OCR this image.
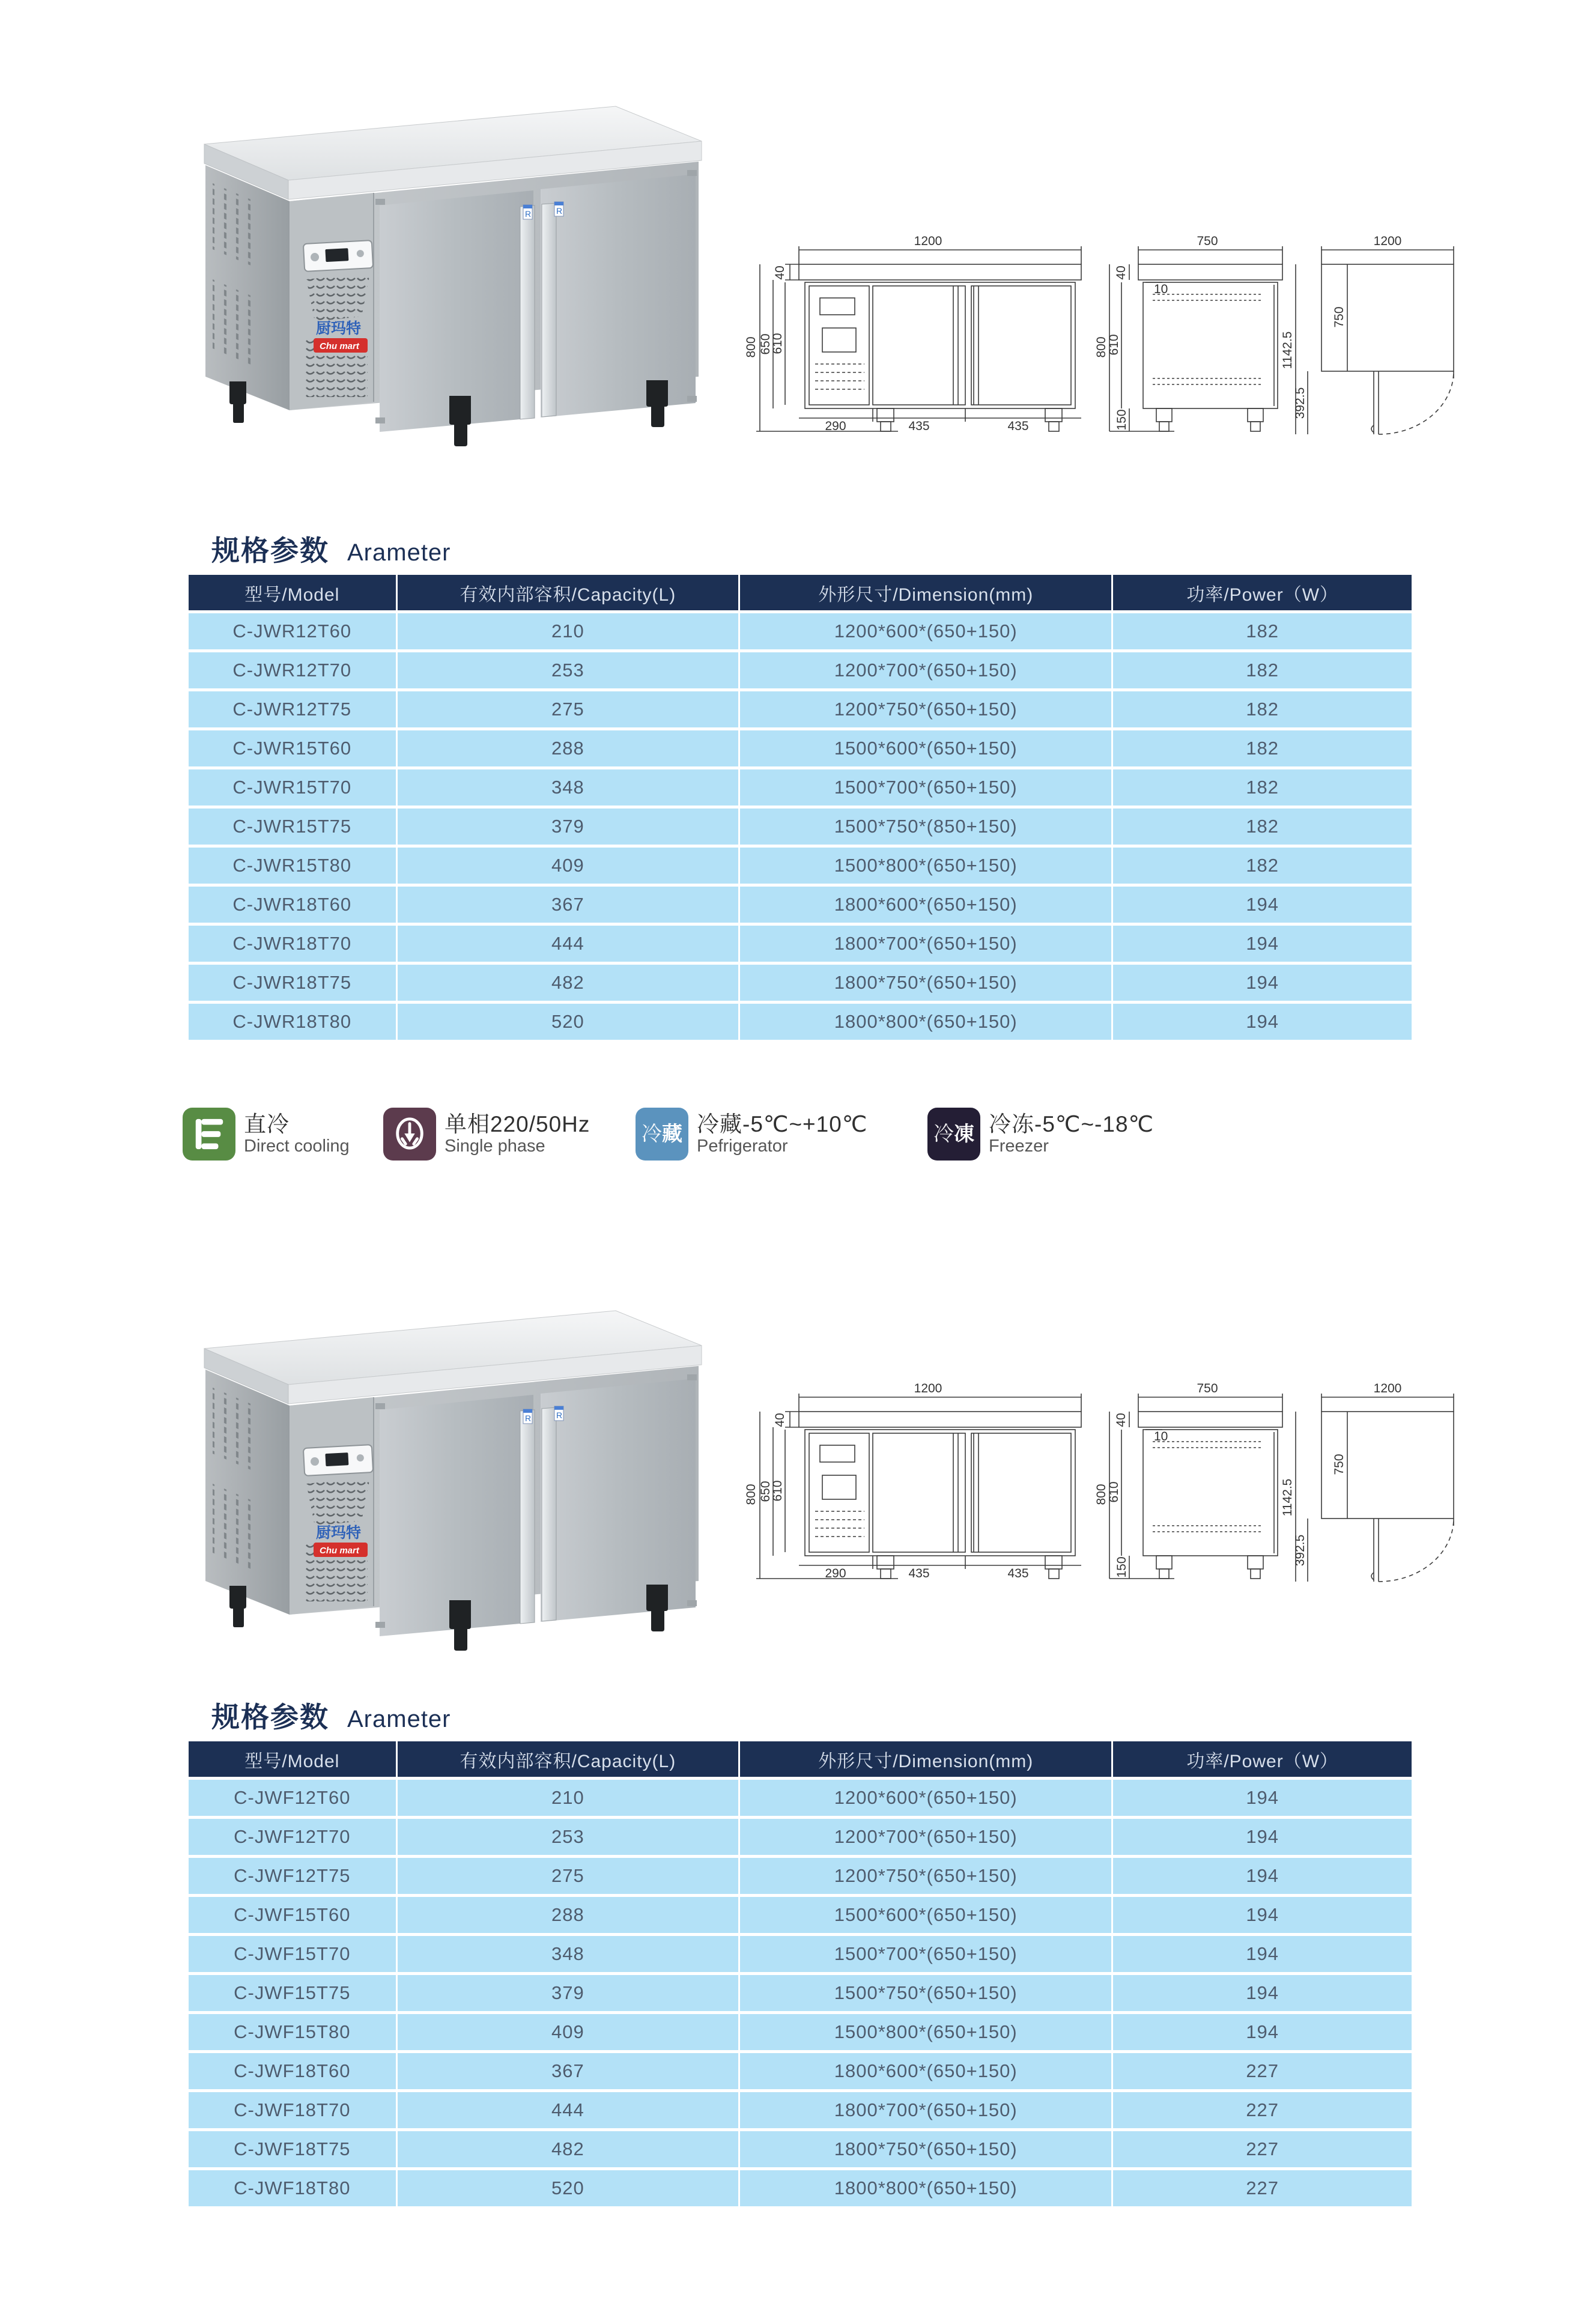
厨玛特
Chu mart
R	R
1200
40
800 650
610
290	435	435
750
40
10
800
610
150
1200
750
1142.5
392.5
规格参数 Arameter
型号/Model	有效内部容积/Capacity(L)	外形尺寸/Dimension(mm)	功率/Power（W）
C-JWR12T60	210	1200*600*(650+150)	182
C-JWR12T70	253	1200*700*(650+150)	182
C-JWR12T75	275	1200*750*(650+150)	182
C-JWR15T60	288	1500*600*(650+150)	182
C-JWR15T70	348	1500*700*(650+150)	182
C-JWR15T75	379	1500*750*(850+150)	182
C-JWR15T80	409	1500*800*(650+150)	182
C-JWR18T60	367	1800*600*(650+150)	194
C-JWR18T70	444	1800*700*(650+150)	194
C-JWR18T75	482	1800*750*(650+150)	194
C-JWR18T80	520	1800*800*(650+150)	194
直冷
Direct cooling
单相220/50Hz
Single phase
冷藏 冷藏-5℃~+10℃
Pefrigerator
冷凍 冷冻-5℃~-18℃
Freezer
厨玛特
Chu mart
R	R
1200
40
800 650
610
290	435	435
750
40
10
800
610
150
1200
750
1142.5
392.5
规格参数 Arameter
型号/Model	有效内部容积/Capacity(L)	外形尺寸/Dimension(mm)	功率/Power（W）
C-JWF12T60	210	1200*600*(650+150)	194
C-JWF12T70	253	1200*700*(650+150)	194
C-JWF12T75	275	1200*750*(650+150)	194
C-JWF15T60	288	1500*600*(650+150)	194
C-JWF15T70	348	1500*700*(650+150)	194
C-JWF15T75	379	1500*750*(650+150)	194
C-JWF15T80	409	1500*800*(650+150)	194
C-JWF18T60	367	1800*600*(650+150)	227
C-JWF18T70	444	1800*700*(650+150)	227
C-JWF18T75	482	1800*750*(650+150)	227
C-JWF18T80	520	1800*800*(650+150)	227
